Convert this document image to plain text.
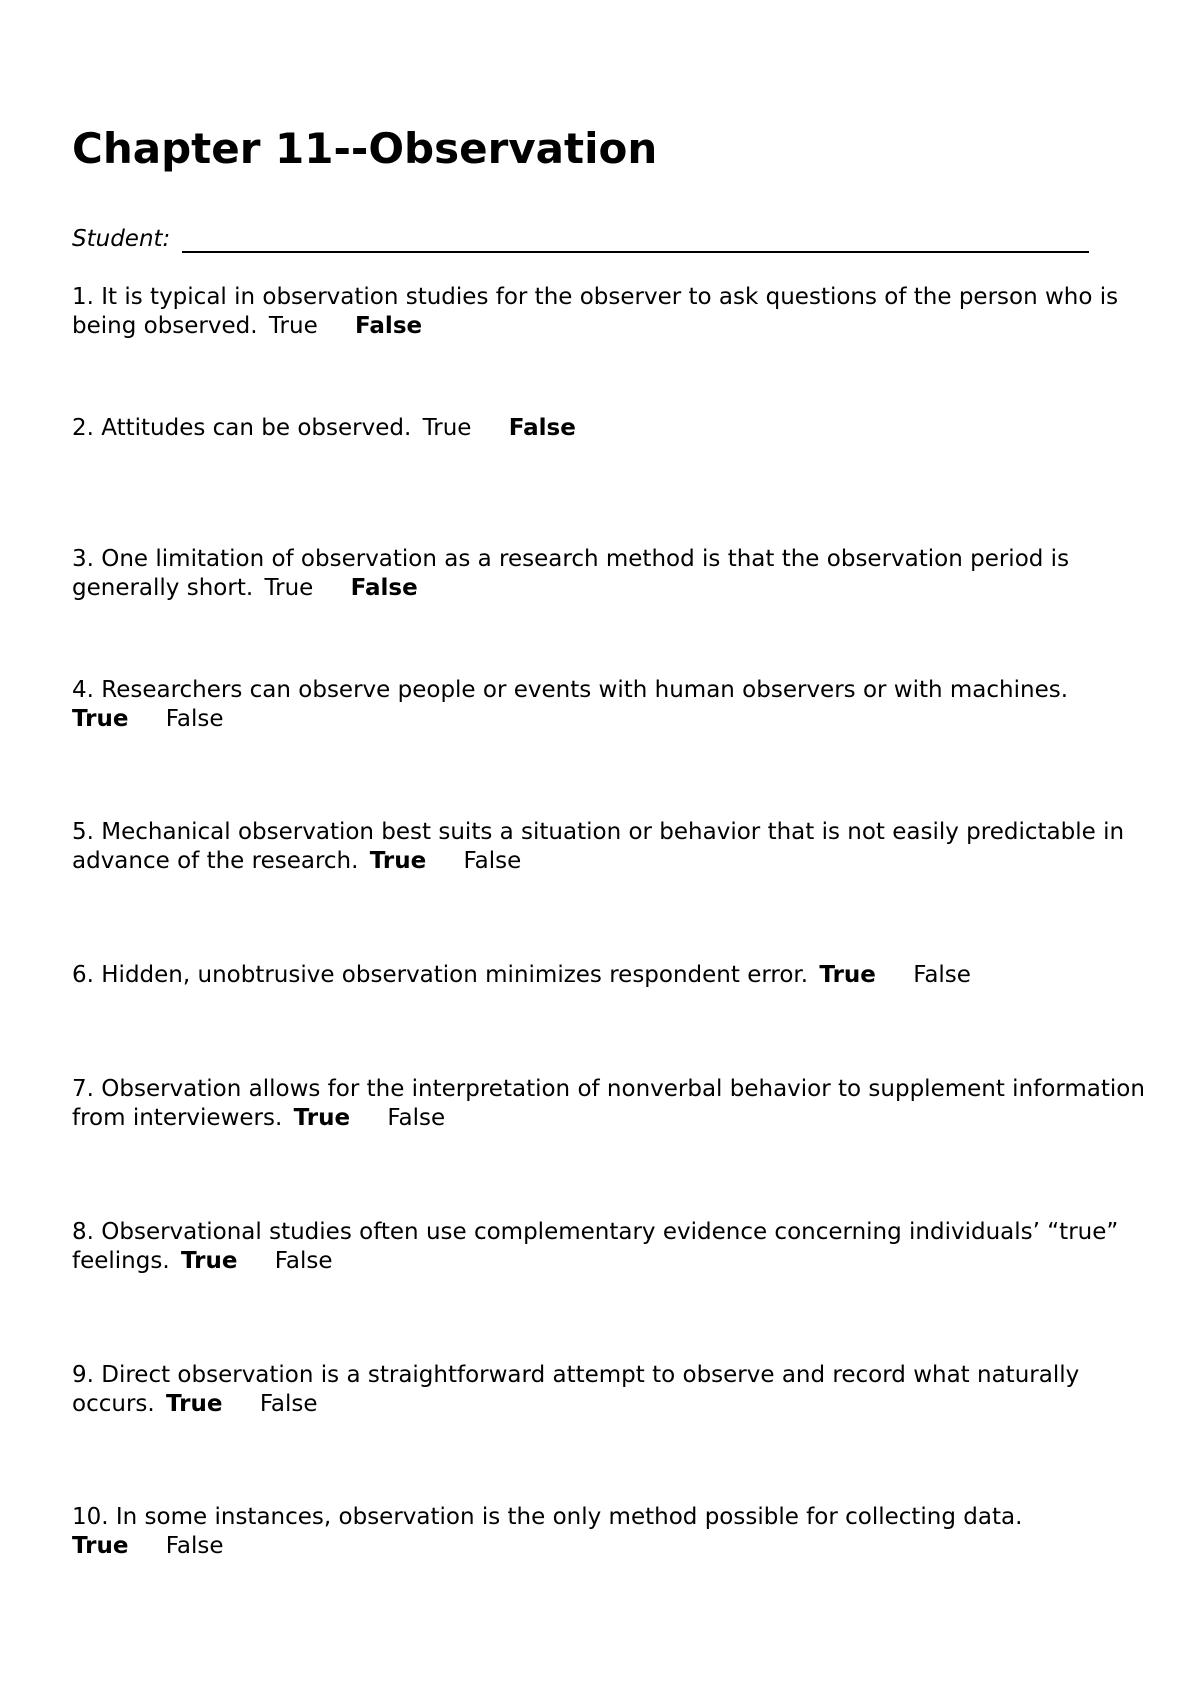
Chapter 11--Observation
Student:

1. It is typical in observation studies for the observer to ask questions of the person who is being observed. True False

2. Attitudes can be observed. True False

3. One limitation of observation as a research method is that the observation period is generally short. True False

4. Researchers can observe people or events with human observers or with machines.
True False

5. Mechanical observation best suits a situation or behavior that is not easily predictable in advance of the research. True False

6. Hidden, unobtrusive observation minimizes respondent error. True False

7. Observation allows for the interpretation of nonverbal behavior to supplement information from interviewers. True False

8. Observational studies often use complementary evidence concerning individuals’ “true” feelings. True False

9. Direct observation is a straightforward attempt to observe and record what naturally occurs. True False

10. In some instances, observation is the only method possible for collecting data.
True False
